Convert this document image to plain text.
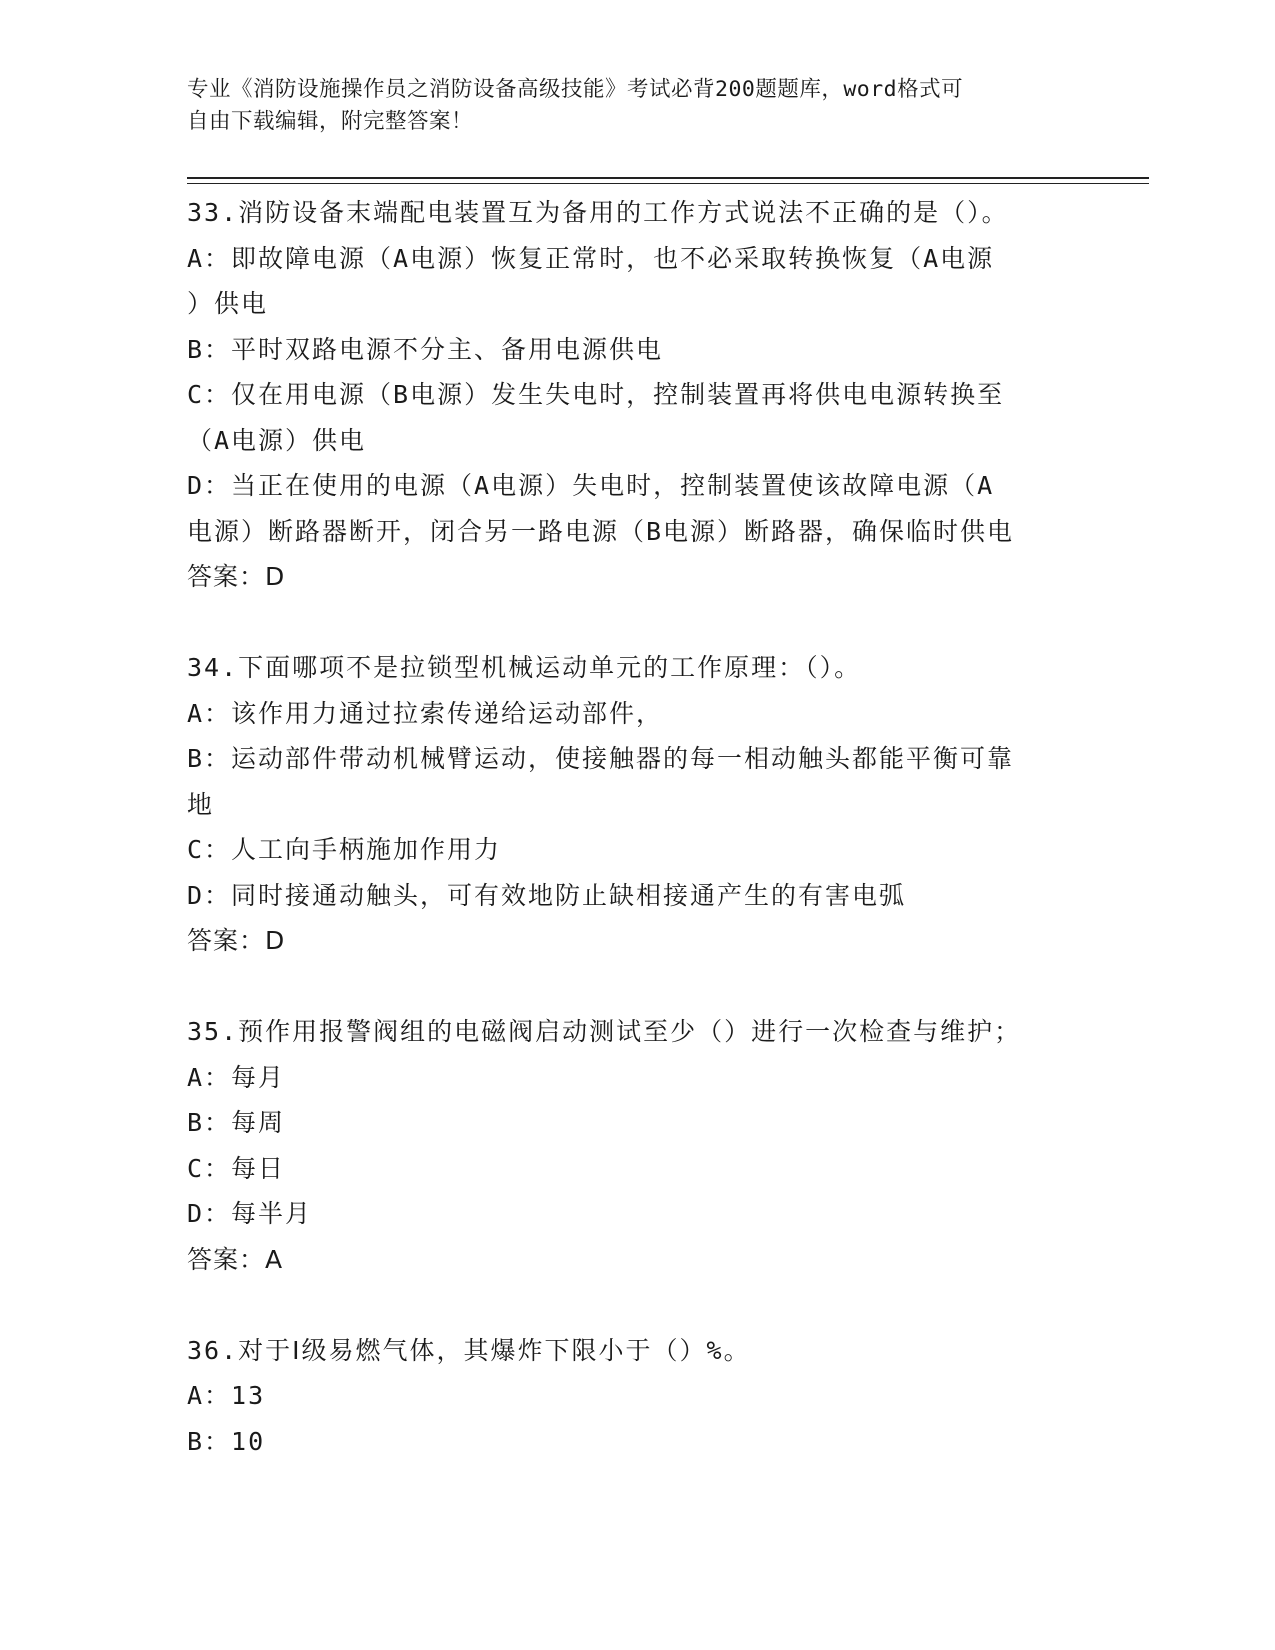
专业《消防设施操作员之消防设备高级技能》考试必背200题题库，word格式可
自由下载编辑，附完整答案！
33.消防设备末端配电装置互为备用的工作方式说法不正确的是（）。
A：即故障电源（A电源）恢复正常时，也不必采取转换恢复（A电源
）供电
B：平时双路电源不分主、备用电源供电
C：仅在用电源（B电源）发生失电时，控制装置再将供电电源转换至
（A电源）供电
D：当正在使用的电源（A电源）失电时，控制装置使该故障电源（A
电源）断路器断开，闭合另一路电源（B电源）断路器，确保临时供电
答案：D
34.下面哪项不是拉锁型机械运动单元的工作原理：（）。
A：该作用力通过拉索传递给运动部件，
B：运动部件带动机械臂运动，使接触器的每一相动触头都能平衡可靠
地
C：人工向手柄施加作用力
D：同时接通动触头，可有效地防止缺相接通产生的有害电弧
答案：D
35.预作用报警阀组的电磁阀启动测试至少（）进行一次检查与维护；
A：每月
B：每周
C：每日
D：每半月
答案：A
36.对于Ⅰ级易燃气体，其爆炸下限小于（）%。
A：13
B：10
